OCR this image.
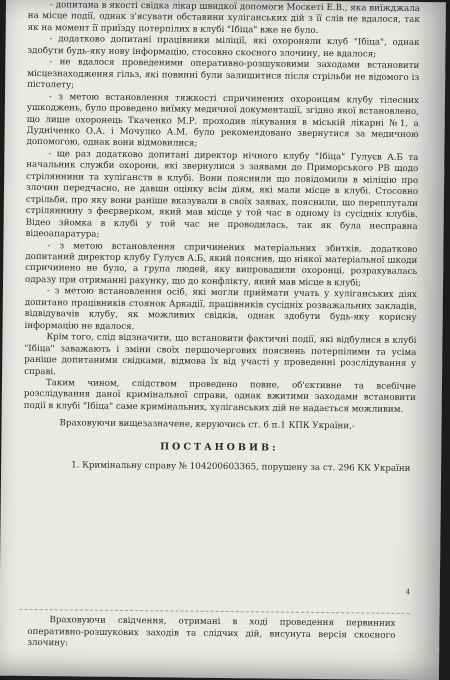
- допитана в якості свідка лікар швидкої допомоги Москеті Е.В., яка виїжджала на місце події, однак з'ясувати обставини хуліганських дій з її слів не вдалося, так як на момент її приїзду потерпілих в клубі "Ібіца" вже не було.

- додатково допитані працівники міліції, які охороняли клуб "Ібіца", однак здобути будь-яку нову інформацію, стосовно скоєного злочину, не вдалося;

- не вдалося проведеними оперативно-розшуковими заходами встановити місцезнаходження гільз, які повинні були залишитися після стрільби не відомого із пістолету;

- з метою встановлення тяжкості спричинених охоронцям клубу тілесних ушкоджень, було проведено виїмку медичної документації, згідно якої встановлено, що лише охоронець Ткаченко М.Р. проходив лікування в міській лікарні №1, а Дудніченко О.А. і Мочулко А.М. було рекомендовано звернутися за медичною допомогою, однак вони відмовилися;

- ще раз додатково допитані директор нічного клубу "Ібіца" Гулуєв А.Б та начальник служби охорони, які звернулися з заявами до Приморського РВ щодо стріляннини та хуліганств в клубі. Вони пояснили що повідомили в міліцію про злочин передчасно, не давши оцінку всім дiям, які мали місце в клубі. Стосовно стрільби, про яку вони раніше вказували в своїх заявах, пояснили, що переплутали стріляннину з феєрверком, який мав місце у той час в одному із сусідніх клубів. Відео зйомка в клубі у той час не проводилась, так як була несправна відеоапаратура;

- з метою встановлення спричинених матеріальних збитків, додатково допитаний директор клубу Гулуєв А.Б, який пояснив, що ніякої матеріальної шкоди спричинено не було, а група людей, яку випровадили охоронці, розрахувалась одразу при отриманні рахунку, що до конфлікту, який мав місце в клубі;

- з метою встановлення осіб, які могли приймати учать у хуліганських діях допитано працівників стоянок Аркадії, працівників сусідніх розважальних закладів, відвідувачів клубу, як можливих свідків, однак здобути будь-яку корисну інформацію не вдалося.

Крім того, слід відзначити, що встановити фактичні події, які відбулися в клубі "Ібіца" заважають і зміни своїх першочергових пояснень потерпілими та усіма раніше допитаними свідками, відмова їх від участі у проведенні розслідування у справі.

Таким чином, слідством проведено повне, об'єктивне та всебічне розслідування даної кримінальної справи, однак вжитими заходами встановити події в клубі "Ібіца" саме кримінальних, хуліганських дій не надається можливим.

Враховуючи вищезазначене, керуючись ст. 6 п.1 КПК України,-

ПОСТАНОВИВ:

1. Кримінальну справу № 104200603365, порушену за ст. 296 КК України

4

Враховуючи свідчення, отримані в ході проведення первинних оперативно-розшукових заходів та слідчих дій, висунута версія скоєного злочину:
